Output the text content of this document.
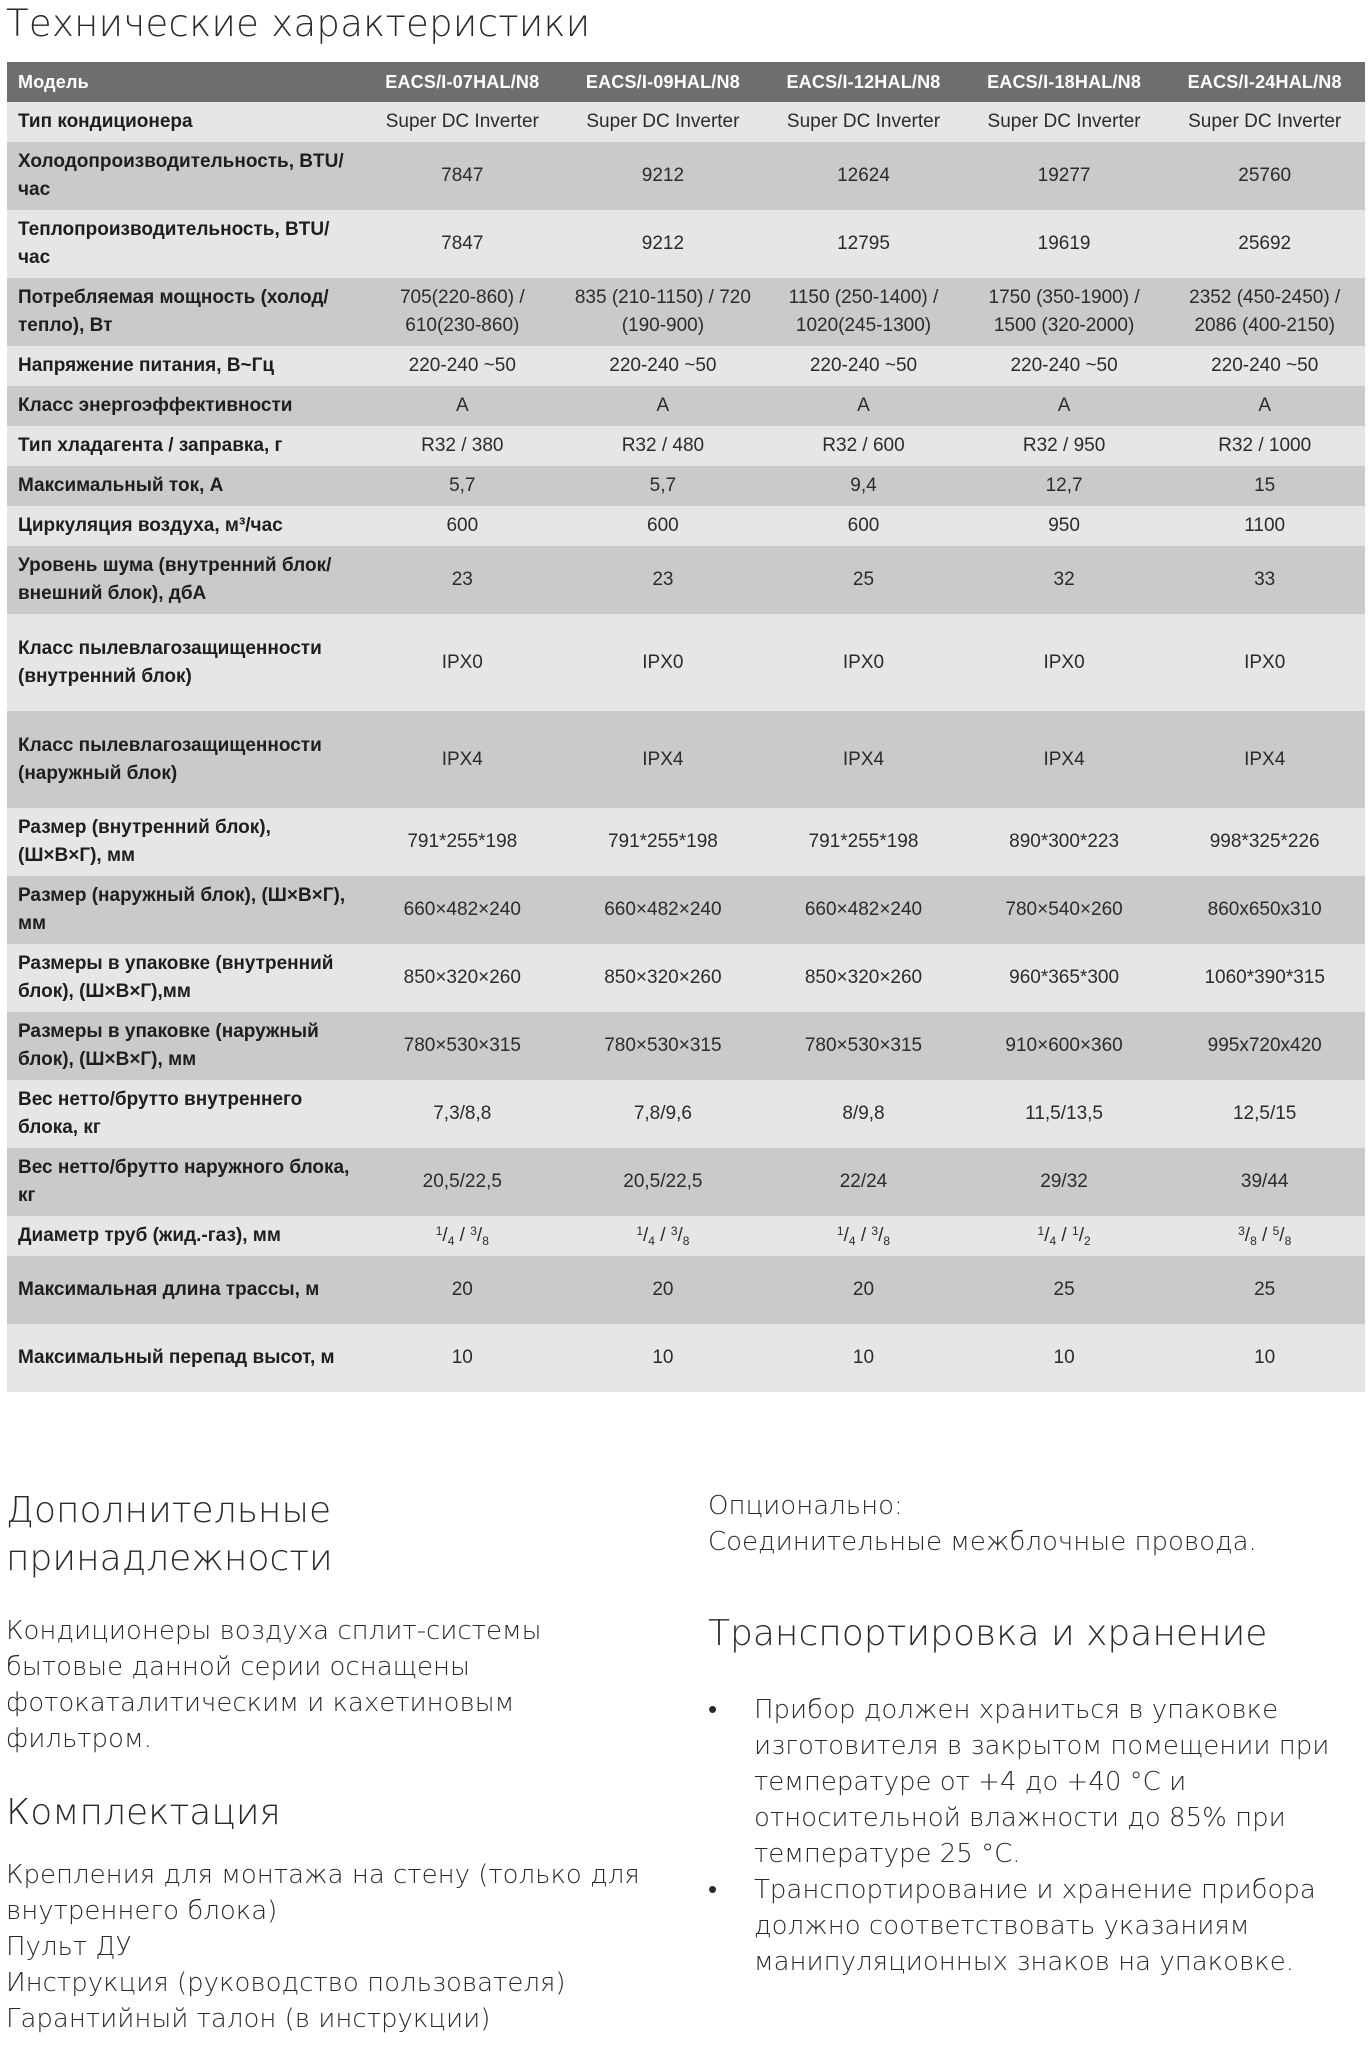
Технические характеристики
Модель	EACS/I-07HAL/N8	EACS/I-09HAL/N8	EACS/I-12HAL/N8	EACS/I-18HAL/N8	EACS/I-24HAL/N8
Тип кондиционера	Super DC Inverter	Super DC Inverter	Super DC Inverter	Super DC Inverter	Super DC Inverter
Холодопроизводительность, BTU/час	7847	9212	12624	19277	25760
Теплопроизводительность, BTU/час	7847	9212	12795	19619	25692
Потребляемая мощность (холод/тепло), Вт	705(220-860) / 610(230-860)	835 (210-1150) / 720 (190-900)	1150 (250-1400) / 1020(245-1300)	1750 (350-1900) / 1500 (320-2000)	2352 (450-2450) / 2086 (400-2150)
Напряжение питания, В~Гц	220-240 ~50	220-240 ~50	220-240 ~50	220-240 ~50	220-240 ~50
Класс энергоэффективности	A	A	A	A	A
Тип хладагента / заправка, г	R32 / 380	R32 / 480	R32 / 600	R32 / 950	R32 / 1000
Максимальный ток, А	5,7	5,7	9,4	12,7	15
Циркуляция воздуха, м³/час	600	600	600	950	1100
Уровень шума (внутренний блок/внешний блок), дбА	23	23	25	32	33
Класс пылевлагозащищенности (внутренний блок)	IPX0	IPX0	IPX0	IPX0	IPX0
Класс пылевлагозащищенности (наружный блок)	IPX4	IPX4	IPX4	IPX4	IPX4
Размер (внутренний блок), (Ш×В×Г), мм	791*255*198	791*255*198	791*255*198	890*300*223	998*325*226
Размер (наружный блок), (Ш×В×Г), мм	660×482×240	660×482×240	660×482×240	780×540×260	860x650x310
Размеры в упаковке (внутренний блок), (Ш×В×Г),мм	850×320×260	850×320×260	850×320×260	960*365*300	1060*390*315
Размеры в упаковке (наружный блок), (Ш×В×Г), мм	780×530×315	780×530×315	780×530×315	910×600×360	995x720x420
Вес нетто/брутто внутреннего блока, кг	7,3/8,8	7,8/9,6	8/9,8	11,5/13,5	12,5/15
Вес нетто/брутто наружного блока, кг	20,5/22,5	20,5/22,5	22/24	29/32	39/44
Диаметр труб (жид.-газ), мм	$^1/_4 / ^3/_8$	$^1/_4 / ^3/_8$	$^1/_4 / ^3/_8$	$^1/_4 / ^1/_2$	$^3/_8 / ^5/_8$
Максимальная длина трассы, м	20	20	20	25	25
Максимальный перепад высот, м	10	10	10	10	10
Дополнительные
принадлежности
Кондиционеры воздуха сплит-системы бытовые данной серии оснащены фотокаталитическим и кахетиновым фильтром.
Комплектация
Крепления для монтажа на стену (только для внутреннего блока)
Пульт ДУ
Инструкция (руководство пользователя)
Гарантийный талон (в инструкции)
Опционально:
Соединительные межблочные провода.
Транспортировка и хранение
•	Прибор должен храниться в упаковке изготовителя в закрытом помещении при температуре от +4 до +40 °С и относительной влажности до 85% при температуре 25 °С.
•	Транспортирование и хранение прибора должно соответствовать указаниям манипуляционных знаков на упаковке.
